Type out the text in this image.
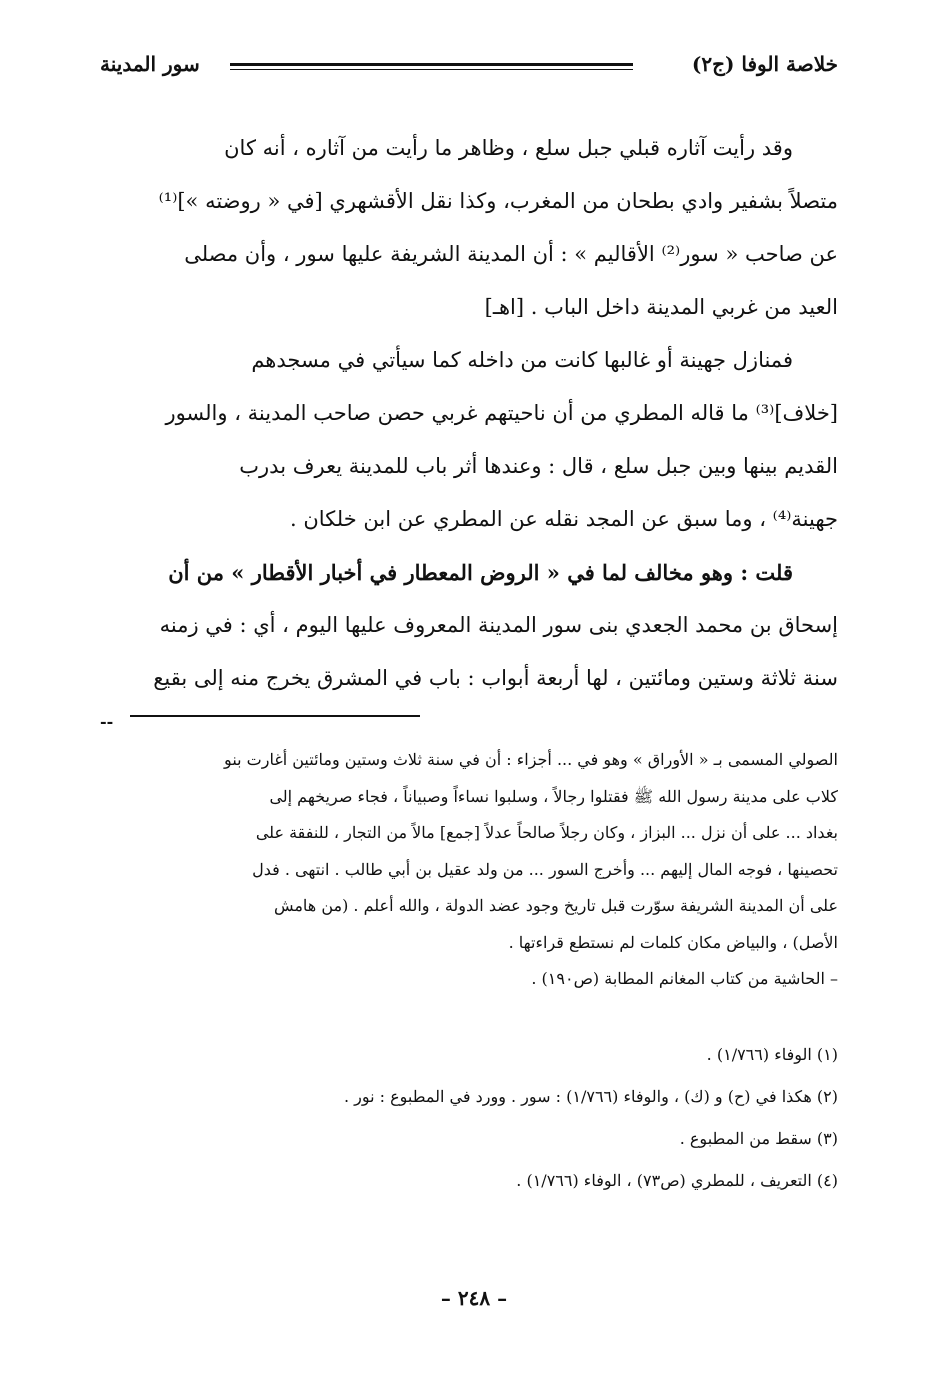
خلاصة الوفا (ج٢)
سور المدينة

وقد رأيت آثاره قبلي جبل سلع ، وظاهر ما رأيت من آثاره ، أنه كان

متصلاً بشفير وادي بطحان من المغرب، وكذا نقل الأقشهري [في « روضته »]⁽¹⁾

عن صاحب « سور⁽²⁾ الأقاليم » : أن المدينة الشريفة عليها سور ، وأن مصلى

العيد من غربي المدينة داخل الباب . [اهـ]

فمنازل جهينة أو غالبها كانت من داخله كما سيأتي في مسجدهم

[خلاف]⁽³⁾ ما قاله المطري من أن ناحيتهم غربي حصن صاحب المدينة ، والسور

القديم بينها وبين جبل سلع ، قال : وعندها أثر باب للمدينة يعرف بدرب

جهينة⁽⁴⁾ ، وما سبق عن المجد نقله عن المطري عن ابن خلكان .

قلت : وهو مخالف لما في « الروض المعطار في أخبار الأقطار » من أن

إسحاق بن محمد الجعدي بنى سور المدينة المعروف عليها اليوم ، أي : في زمنه

سنة ثلاثة وستين ومائتين ، لها أربعة أبواب : باب في المشرق يخرج منه إلى بقيع

--

الصولي المسمى بـ « الأوراق » وهو في ... أجزاء : أن في سنة ثلاث وستين ومائتين أغارت بنو

كلاب على مدينة رسول الله ﷺ فقتلوا رجالاً ، وسلبوا نساءاً وصبياناً ، فجاء صريخهم إلى

بغداد ... على أن نزل ... البزاز ، وكان رجلاً صالحاً عدلاً [جمع] مالاً من التجار ، للنفقة على

تحصينها ، فوجه المال إليهم ... وأخرج السور ... من ولد عقيل بن أبي طالب . انتهى . فدل

على أن المدينة الشريفة سوّرت قبل تاريخ وجود عضد الدولة ، والله أعلم . (من هامش

الأصل) ، والبياض مكان كلمات لم نستطع قراءتها .

– الحاشية من كتاب المغانم المطابة (ص١٩٠) .

(١) الوفاء (١/٧٦٦) .
(٢) هكذا في (ح) و (ك) ، والوفاء (١/٧٦٦) : سور . وورد في المطبوع : نور .
(٣) سقط من المطبوع .
(٤) التعريف ، للمطري (ص٧٣) ، الوفاء (١/٧٦٦) .
– ٢٤٨ –
